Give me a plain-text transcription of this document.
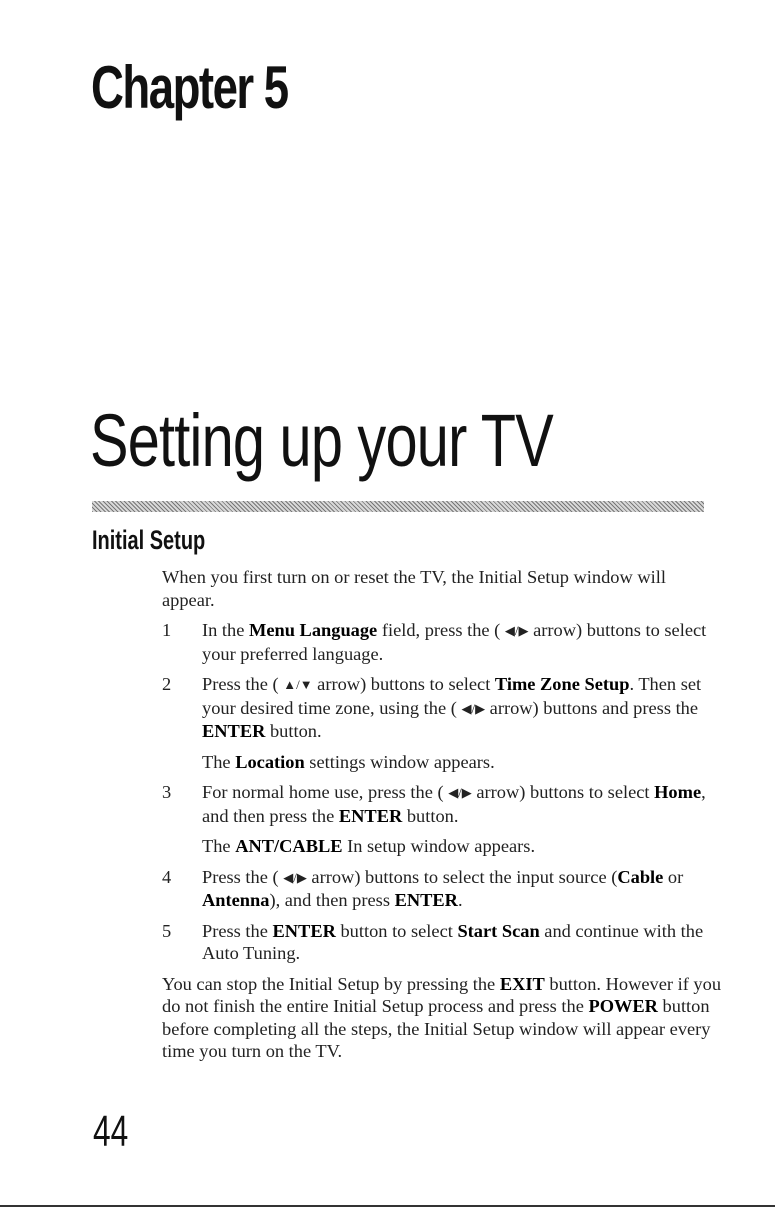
Chapter 5
Setting up your TV
Initial Setup

When you first turn on or reset the TV, the Initial Setup window will appear.

1 In the Menu Language field, press the ( ◀/▶ arrow) buttons to select your preferred language.

2 Press the ( ▲/▼ arrow) buttons to select Time Zone Setup. Then set your desired time zone, using the ( ◀/▶ arrow) buttons and press the ENTER button.

The Location settings window appears.

3 For normal home use, press the ( ◀/▶ arrow) buttons to select Home, and then press the ENTER button.

The ANT/CABLE In setup window appears.

4 Press the ( ◀/▶ arrow) buttons to select the input source (Cable or Antenna), and then press ENTER.

5 Press the ENTER button to select Start Scan and continue with the Auto Tuning.

You can stop the Initial Setup by pressing the EXIT button. However if you do not finish the entire Initial Setup process and press the POWER button before completing all the steps, the Initial Setup window will appear every time you turn on the TV.

44
